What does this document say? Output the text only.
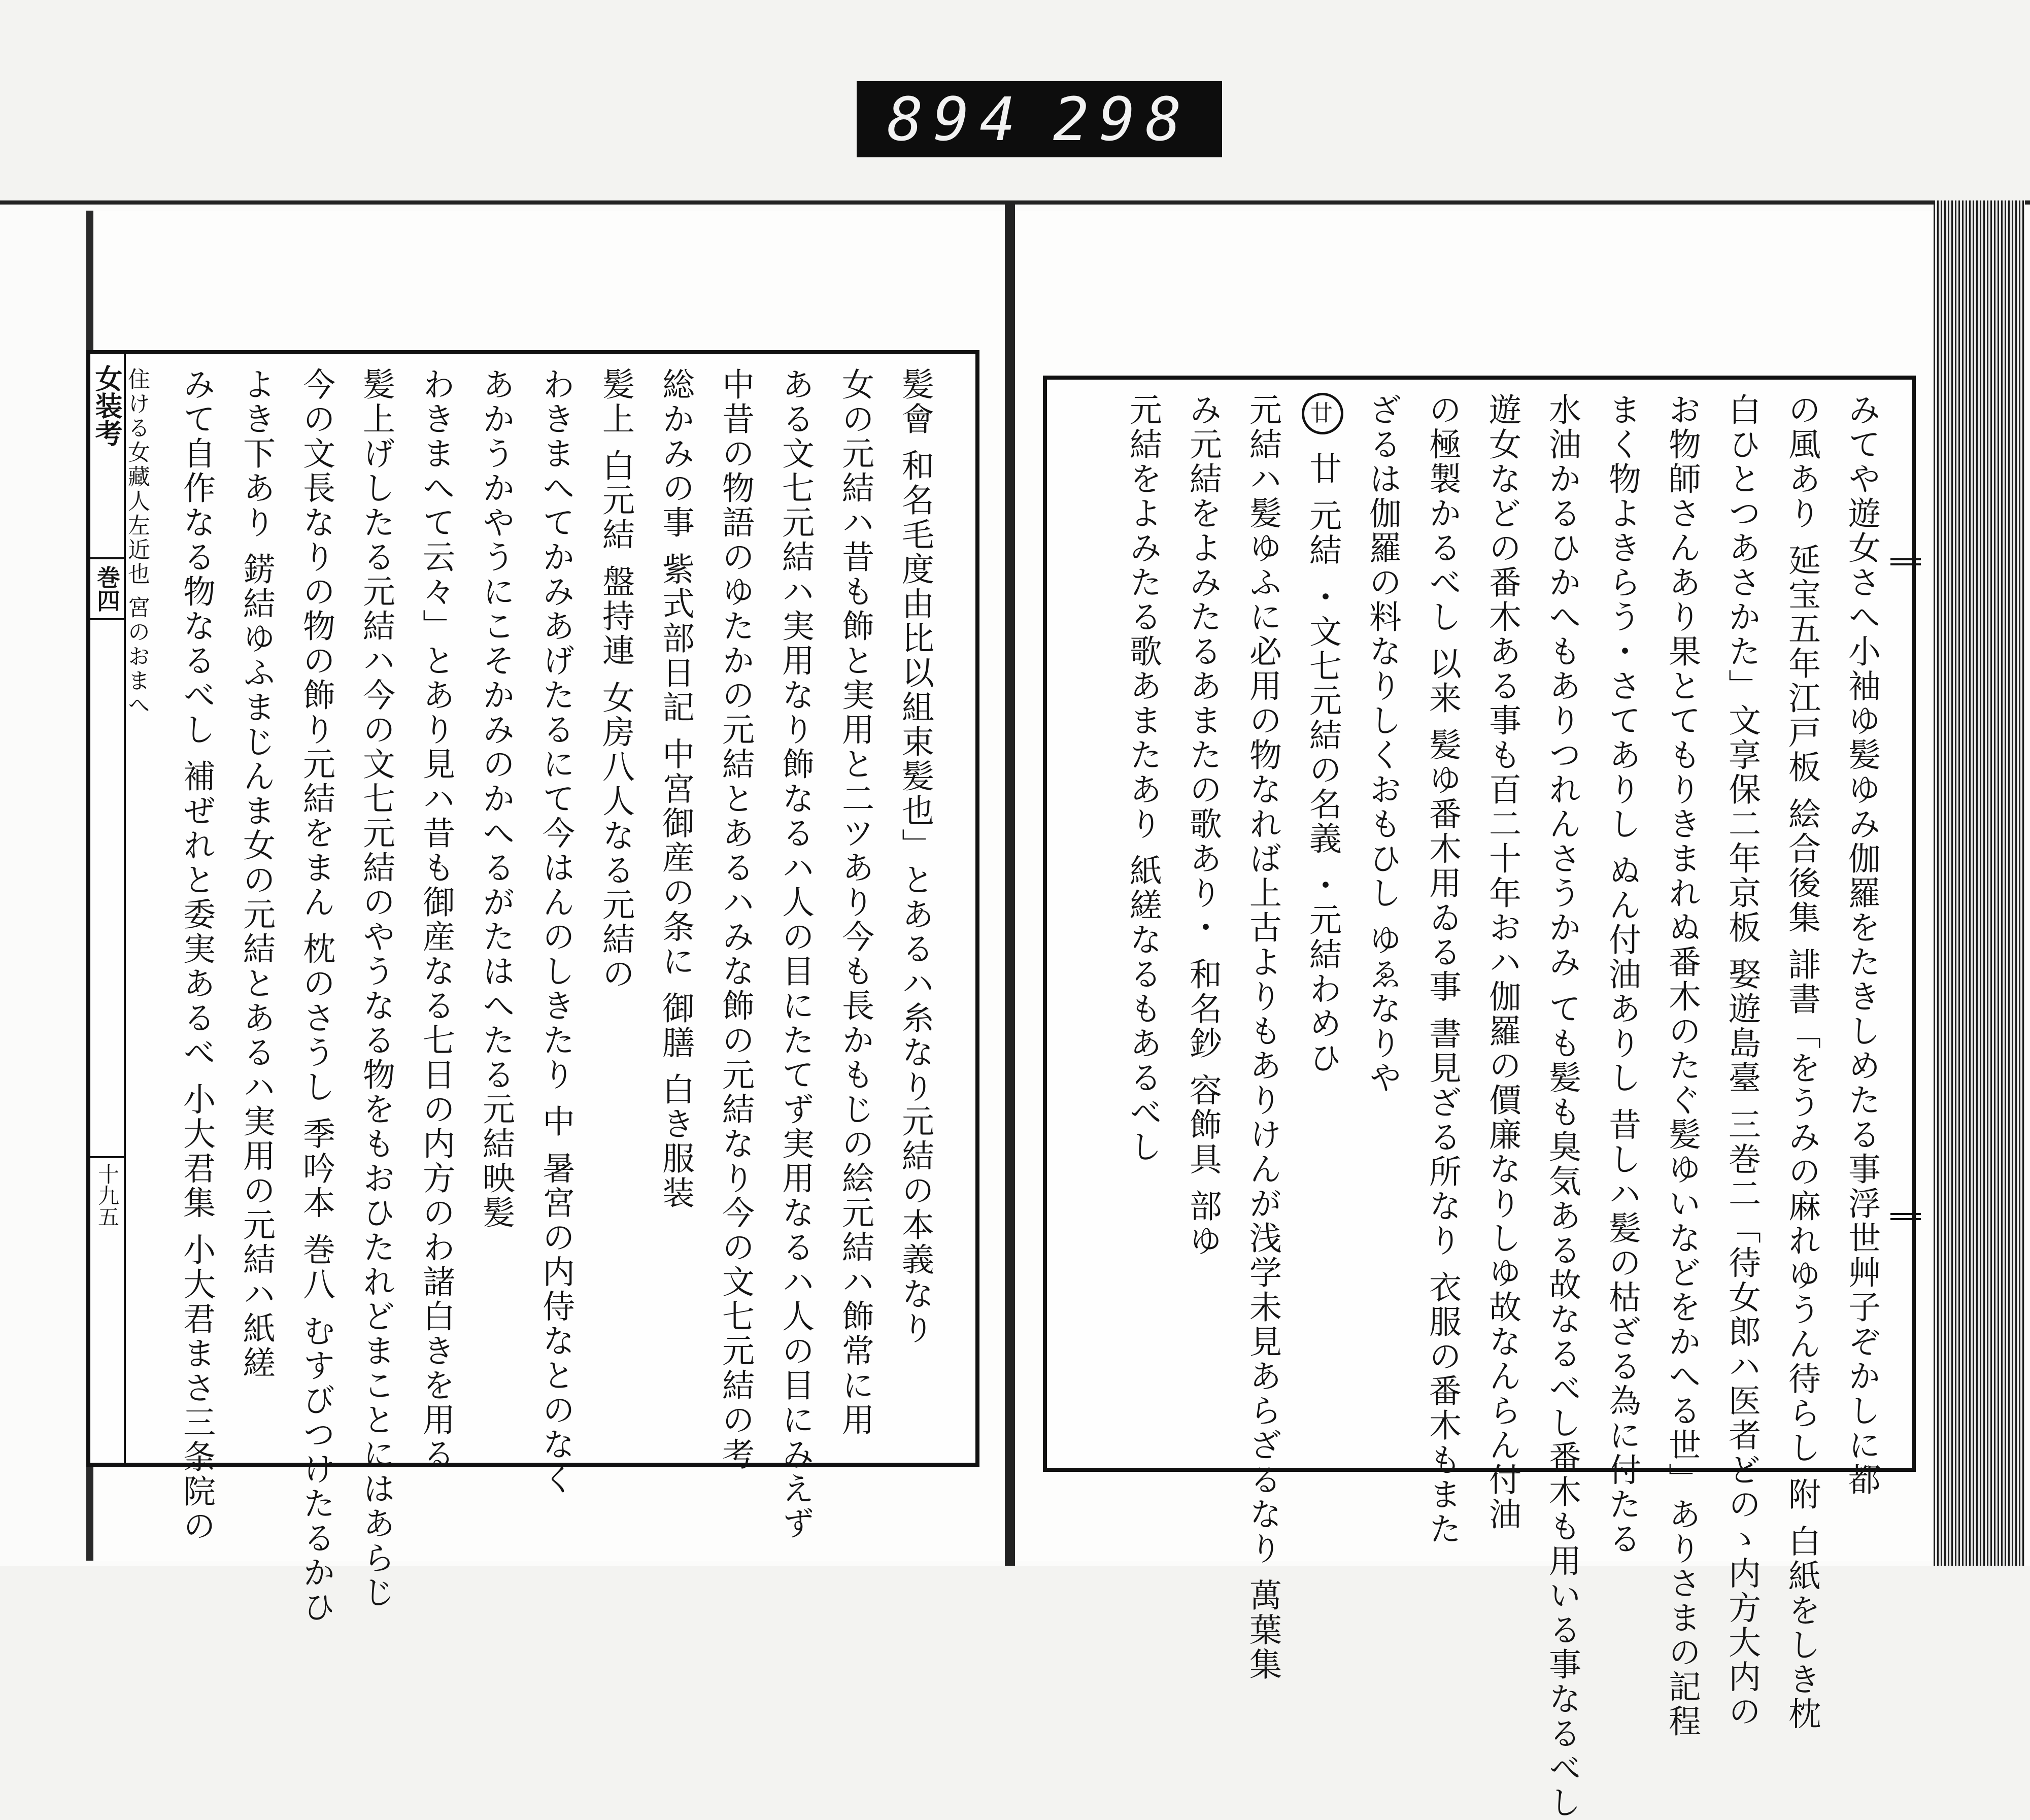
894 298
女装考
巻四
十九五	髪會 和名毛度由比以組束髪也」とあるハ糸なり元結の本義なり
女の元結ハ昔も飾と実用と二ツあり今も長かもじの絵元結ハ飾常に用
ある文七元結ハ実用なり飾なるハ人の目にたてず実用なるハ人の目にみえず
中昔の物語のゆたかの元結とあるハみな飾の元結なり今の文七元結の考
総かみの事 紫式部日記 中宮御産の条に 御膳 白き服装
髪上 白元結 盤持連 女房八人なる元結の
わきまへてかみあげたるにて今はんのしきたり 中 暑宮の内侍なとのなく
あかうかやうにこそかみのかへるがたはへたる元結映髪
わきまへて云々」とあり見ハ昔も御産なる七日の内方のわ諸白きを用る
髪上げしたる元結ハ今の文七元結のやうなる物をもおひたれどまことにはあらじ
今の文長なりの物の飾り元結をまん 枕のさうし 季吟本 巻八 むすびつけたるかひ
よき下あり 錺結ゆふまじんま女の元結とあるハ実用の元結ハ紙縒
みて自作なる物なるべし 補ぜれと委実あるべ 小大君集 小大君まさ三条院の
住ける女藏人左近也 宮のおまへ	みてや遊女さへ小袖ゆ髪ゆみ伽羅をたきしめたる事浮世艸子ぞかしに都
の風あり 延宝五年江戸板 絵合後集 誹書「をうみの麻れゆうん待らし 附 白紙をしき枕
白ひとつあさかた」文享保二年京板 娶遊島臺 三巻二「待女郎ハ医者どのゝ内方大内の
お物師さんあり果とてもりきまれぬ番木のたぐ髪ゆいなどをかへる世」ありさまの記程
まく物よきらう・さてありし ぬん付油ありし 昔しハ髪の枯ざる為に付たる
水油かるひかへもありつれんさうかみ ても髪も臭気ある故なるべし番木も用いる事なるべし
遊女などの番木ある事も百二十年おハ伽羅の價廉なりしゆ故なんらん付油
の極製かるべし 以来 髪ゆ番木用ゐる事 書見ざる所なり 衣服の番木もまた
ざるは伽羅の料なりしくおもひし ゆゑなりや
廿 廿 元結 ・文七元結の名義 ・元結わめひ
元結ハ髪ゆふに必用の物なれば上古よりもありけんが浅学未見あらざるなり 萬葉集
み元結をよみたるあまたの歌あり・ 和名鈔 容飾具 部ゆ
元結をよみたる歌あまたあり 紙縒なるもあるべし
